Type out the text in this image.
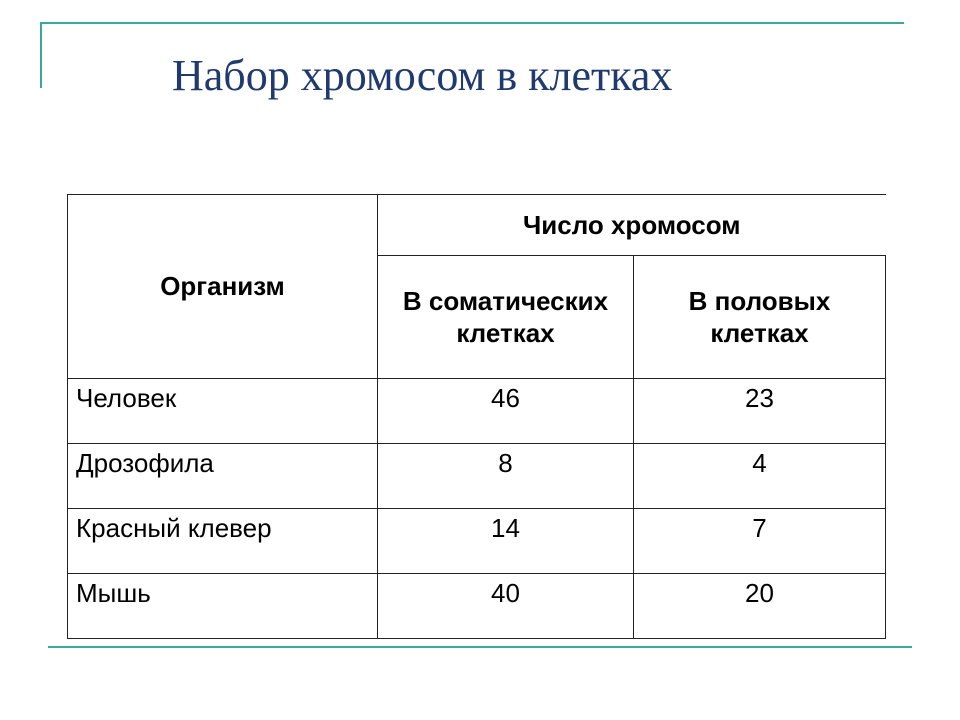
Набор хромосом в клетках
Организм	Число хромосом	
	В соматических клетках	В половых клетках
Человек	46	23
Дрозофила	8	4
Красный клевер	14	7
Мышь	40	20
